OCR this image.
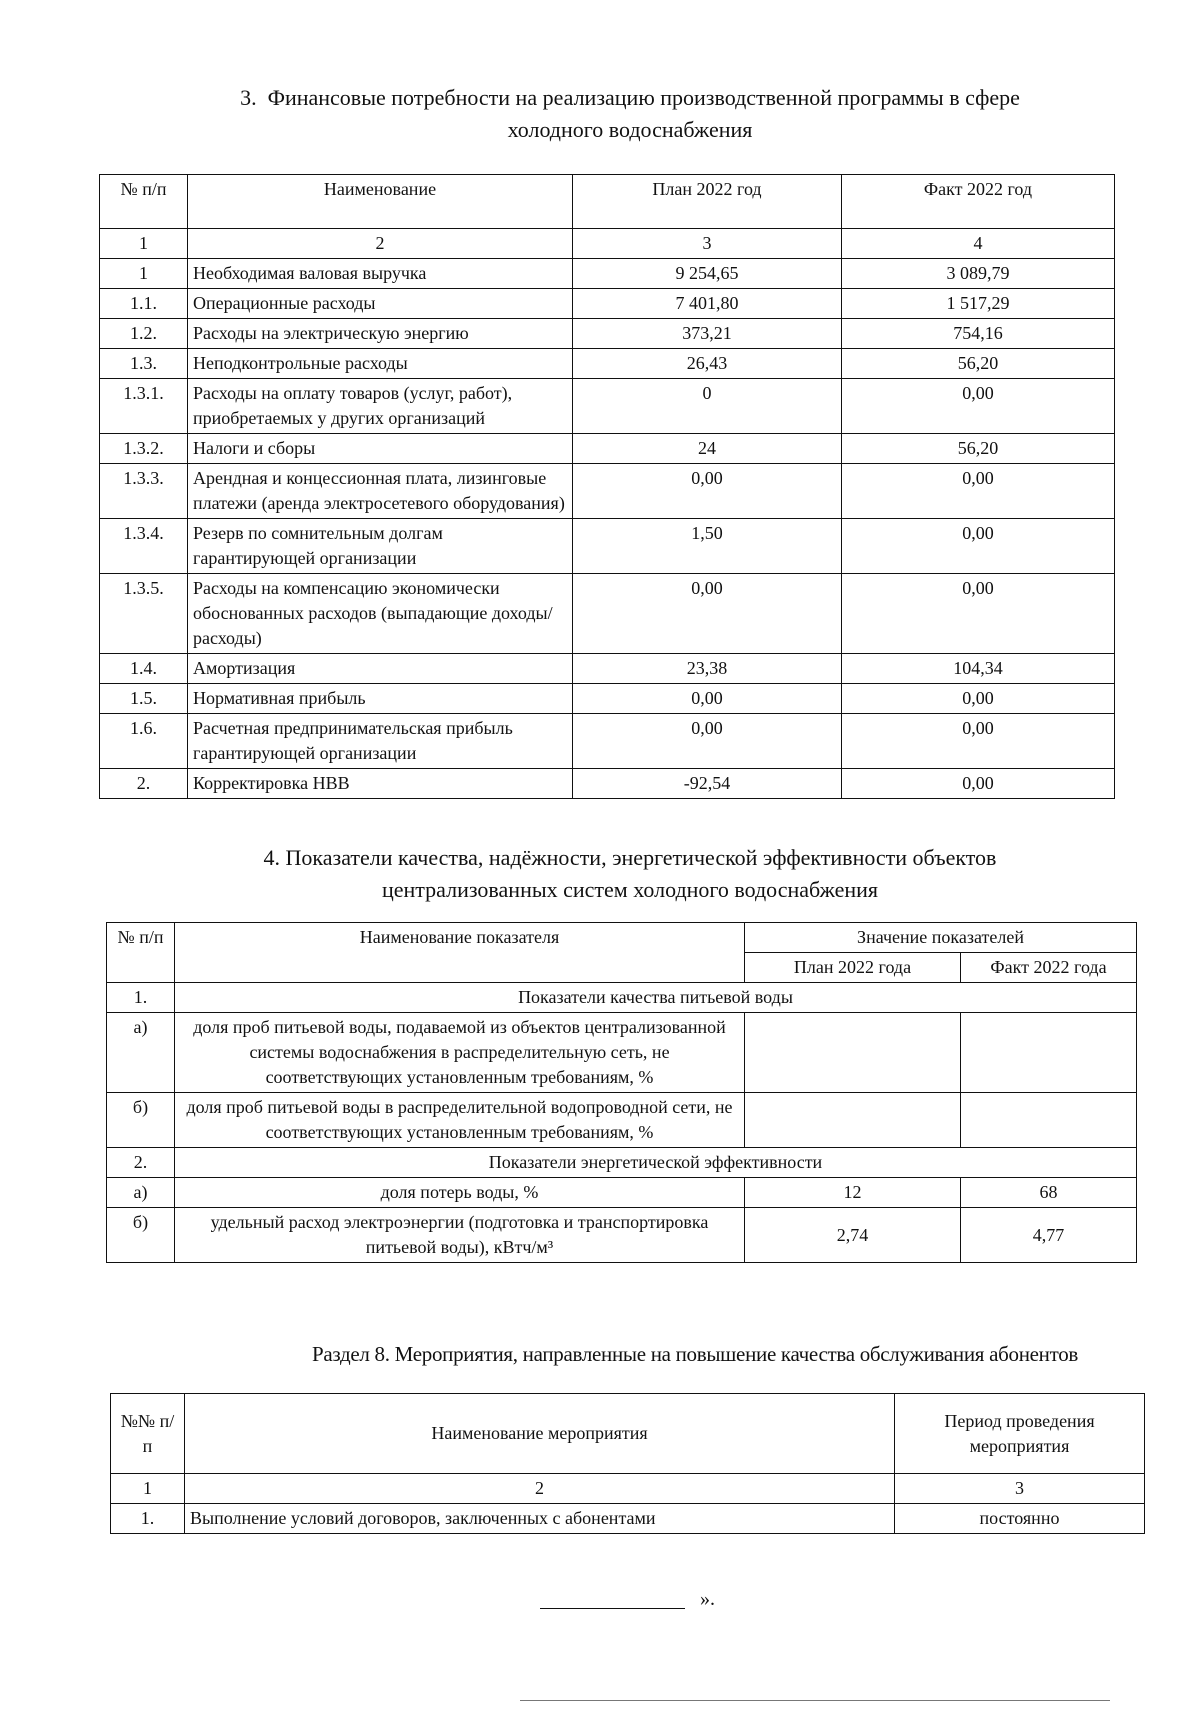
3. Финансовые потребности на реализацию производственной программы в сфере
холодного водоснабжения
№ п/п	Наименование	План 2022 год	Факт 2022 год
1	2	3	4
1	Необходимая валовая выручка	9 254,65	3 089,79
1.1.	Операционные расходы	7 401,80	1 517,29
1.2.	Расходы на электрическую энергию	373,21	754,16
1.3.	Неподконтрольные расходы	26,43	56,20
1.3.1.	Расходы на оплату товаров (услуг, работ), приобретаемых у других организаций	0	0,00
1.3.2.	Налоги и сборы	24	56,20
1.3.3.	Арендная и концессионная плата, лизинговые платежи (аренда электросетевого оборудования)	0,00	0,00
1.3.4.	Резерв по сомнительным долгам гарантирующей организации	1,50	0,00
1.3.5.	Расходы на компенсацию экономически обоснованных расходов (выпадающие доходы/расходы)	0,00	0,00
1.4.	Амортизация	23,38	104,34
1.5.	Нормативная прибыль	0,00	0,00
1.6.	Расчетная предпринимательская прибыль гарантирующей организации	0,00	0,00
2.	Корректировка НВВ	-92,54	0,00
4. Показатели качества, надёжности, энергетической эффективности объектов
централизованных систем холодного водоснабжения
№ п/п	Наименование показателя	Значение показателей	
		План 2022 года	Факт 2022 года
1.	Показатели качества питьевой воды		
а)	доля проб питьевой воды, подаваемой из объектов централизованной системы водоснабжения в распределительную сеть, не соответствующих установленным требованиям, %		
б)	доля проб питьевой воды в распределительной водопроводной сети, не соответствующих установленным требованиям, %		
2.	Показатели энергетической эффективности		
а)	доля потерь воды, %	12	68
б)	удельный расход электроэнергии (подготовка и транспортировка питьевой воды), кВтч/м³	2,74	4,77
Раздел 8. Мероприятия, направленные на повышение качества обслуживания абонентов
№№ п/п	Наименование мероприятия	Период проведения мероприятия
1	2	3
1.	Выполнение условий договоров, заключенных с абонентами	постоянно
».
